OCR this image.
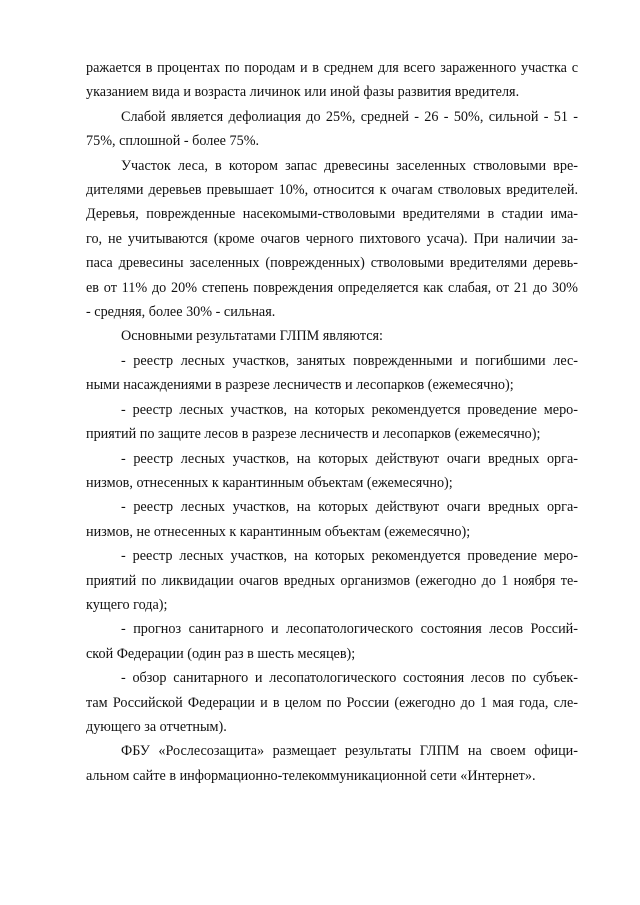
ражается в процентах по породам и в среднем для всего зараженного участка с
указанием вида и возраста личинок или иной фазы развития вредителя.

Слабой является дефолиация до 25%, средней - 26 - 50%, сильной - 51 -
75%, сплошной - более 75%.

Участок леса, в котором запас древесины заселенных стволовыми вре-
дителями деревьев превышает 10%, относится к очагам стволовых вредителей.
Деревья, поврежденные насекомыми-стволовыми вредителями в стадии има-
го, не учитываются (кроме очагов черного пихтового усача). При наличии за-
паса древесины заселенных (поврежденных) стволовыми вредителями деревь-
ев от 11% до 20% степень повреждения определяется как слабая, от 21 до 30%
- средняя, более 30% - сильная.

Основными результатами ГЛПМ являются:

- реестр лесных участков, занятых поврежденными и погибшими лес-
ными насаждениями в разрезе лесничеств и лесопарков (ежемесячно);

- реестр лесных участков, на которых рекомендуется проведение меро-
приятий по защите лесов в разрезе лесничеств и лесопарков (ежемесячно);

- реестр лесных участков, на которых действуют очаги вредных орга-
низмов, отнесенных к карантинным объектам (ежемесячно);

- реестр лесных участков, на которых действуют очаги вредных орга-
низмов, не отнесенных к карантинным объектам (ежемесячно);

- реестр лесных участков, на которых рекомендуется проведение меро-
приятий по ликвидации очагов вредных организмов (ежегодно до 1 ноября те-
кущего года);

- прогноз санитарного и лесопатологического состояния лесов Россий-
ской Федерации (один раз в шесть месяцев);

- обзор санитарного и лесопатологического состояния лесов по субъек-
там Российской Федерации и в целом по России (ежегодно до 1 мая года, сле-
дующего за отчетным).

ФБУ «Рослесозащита» размещает результаты ГЛПМ на своем офици-
альном сайте в информационно-телекоммуникационной сети «Интернет».
